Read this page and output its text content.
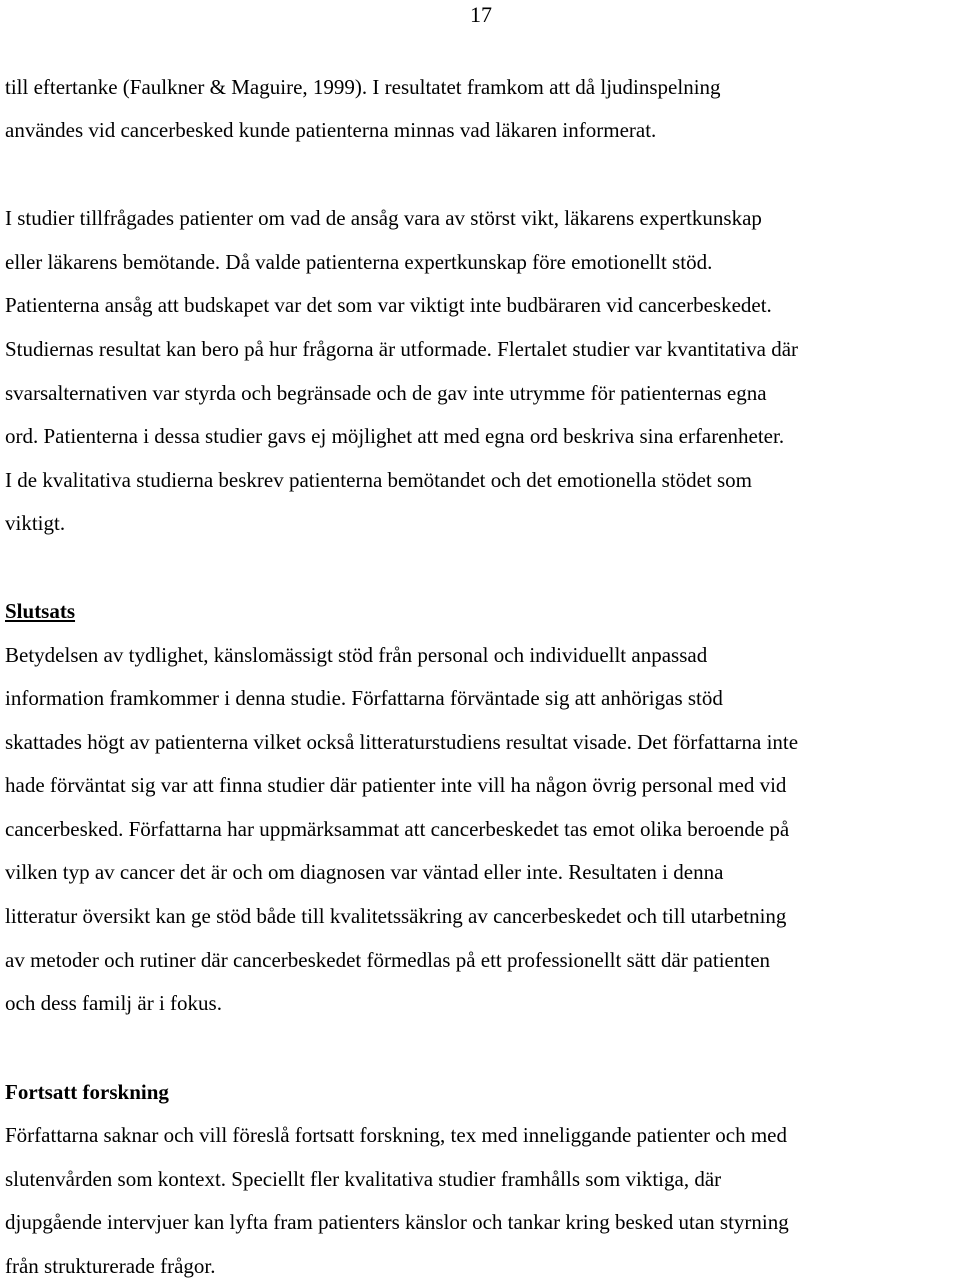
17
till eftertanke (Faulkner & Maguire, 1999). I resultatet framkom att då ljudinspelning
användes vid cancerbesked kunde patienterna minnas vad läkaren informerat.
I studier tillfrågades patienter om vad de ansåg vara av störst vikt, läkarens expertkunskap
eller läkarens bemötande. Då valde patienterna expertkunskap före emotionellt stöd.
Patienterna ansåg att budskapet var det som var viktigt inte budbäraren vid cancerbeskedet.
Studiernas resultat kan bero på hur frågorna är utformade. Flertalet studier var kvantitativa där
svarsalternativen var styrda och begränsade och de gav inte utrymme för patienternas egna
ord. Patienterna i dessa studier gavs ej möjlighet att med egna ord beskriva sina erfarenheter.
I de kvalitativa studierna beskrev patienterna bemötandet och det emotionella stödet som
viktigt.
Slutsats
Betydelsen av tydlighet, känslomässigt stöd från personal och individuellt anpassad
information framkommer i denna studie. Författarna förväntade sig att anhörigas stöd
skattades högt av patienterna vilket också litteraturstudiens resultat visade. Det författarna inte
hade förväntat sig var att finna studier där patienter inte vill ha någon övrig personal med vid
cancerbesked. Författarna har uppmärksammat att cancerbeskedet tas emot olika beroende på
vilken typ av cancer det är och om diagnosen var väntad eller inte. Resultaten i denna
litteratur översikt kan ge stöd både till kvalitetssäkring av cancerbeskedet och till utarbetning
av metoder och rutiner där cancerbeskedet förmedlas på ett professionellt sätt där patienten
och dess familj är i fokus.
Fortsatt forskning
Författarna saknar och vill föreslå fortsatt forskning, tex med inneliggande patienter och med
slutenvården som kontext. Speciellt fler kvalitativa studier framhålls som viktiga, där
djupgående intervjuer kan lyfta fram patienters känslor och tankar kring besked utan styrning
från strukturerade frågor.
